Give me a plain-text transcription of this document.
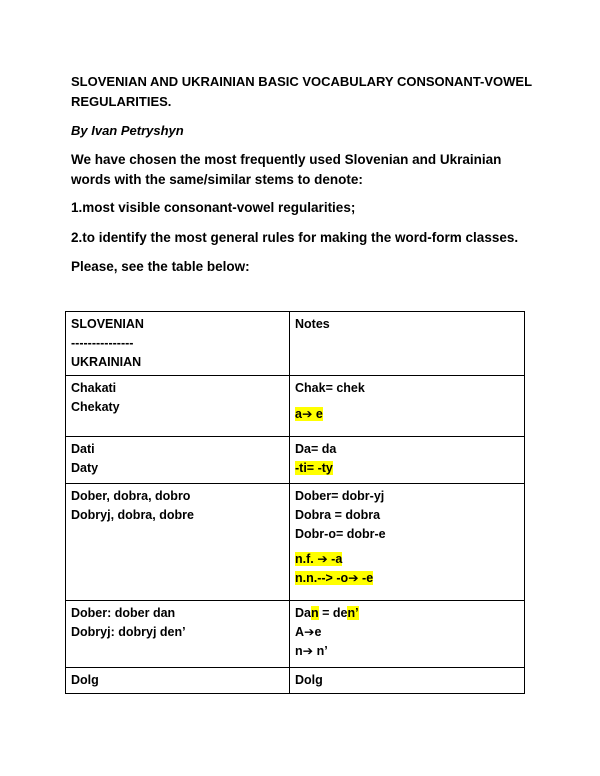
SLOVENIAN AND UKRAINIAN BASIC VOCABULARY CONSONANT-VOWEL REGULARITIES.
By Ivan Petryshyn
We have chosen the most frequently used Slovenian and Ukrainian words with the same/similar stems to denote:
1.most visible consonant-vowel regularities;
2.to identify the most general rules for making the word-form classes.
Please, see the table below:
SLOVENIAN
---------------
UKRAINIAN	Notes

Chakati
Chekaty	Chak= chek
a➔ e

Dati
Daty	Da= da
-ti= -ty

Dober, dobra, dobro
Dobryj, dobra, dobre	Dober= dobr-yj
Dobra = dobra
Dobr-o= dobr-e
n.f. ➔ -a
n.n.--> -o➔ -e

Dober: dober dan
Dobryj: dobryj den’	Dan = den’
A➔e
n➔ n’

Dolg	Dolg
